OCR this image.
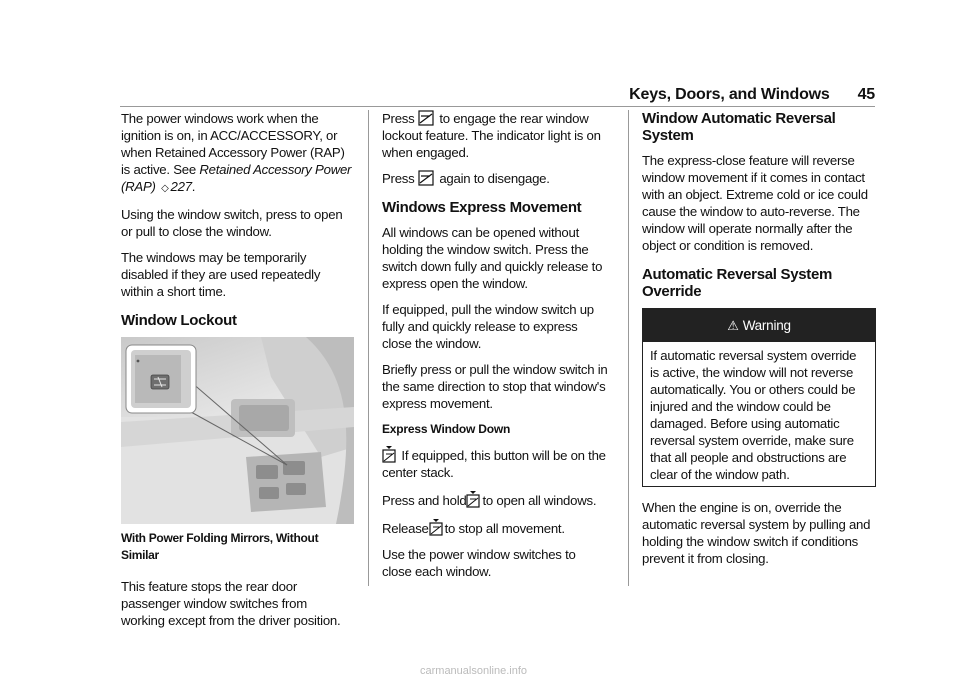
Keys, Doors, and Windows 45

The power windows work when the ignition is on, in ACC/ACCESSORY, or when Retained Accessory Power (RAP) is active. See Retained Accessory Power (RAP) ◇ 227.

Using the window switch, press to open or pull to close the window.

The windows may be temporarily disabled if they are used repeatedly within a short time.

Window Lockout
With Power Folding Mirrors, Without Similar

This feature stops the rear door passenger window switches from working except from the driver position.

Press to engage the rear window lockout feature. The indicator light is on when engaged.

Press again to disengage.

Windows Express Movement

All windows can be opened without holding the window switch. Press the switch down fully and quickly release to express open the window.

If equipped, pull the window switch up fully and quickly release to express close the window.

Briefly press or pull the window switch in the same direction to stop that window's express movement.

Express Window Down

If equipped, this button will be on the center stack.

Press and hold to open all windows.

Release to stop all movement.

Use the power window switches to close each window.

Window Automatic Reversal System

The express-close feature will reverse window movement if it comes in contact with an object. Extreme cold or ice could cause the window to auto-reverse. The window will operate normally after the object or condition is removed.

Automatic Reversal System Override
⚠ Warning
If automatic reversal system override is active, the window will not reverse automatically. You or others could be injured and the window could be damaged. Before using automatic reversal system override, make sure that all people and obstructions are clear of the window path.

When the engine is on, override the automatic reversal system by pulling and holding the window switch if conditions prevent it from closing.

carmanualsonline.info
